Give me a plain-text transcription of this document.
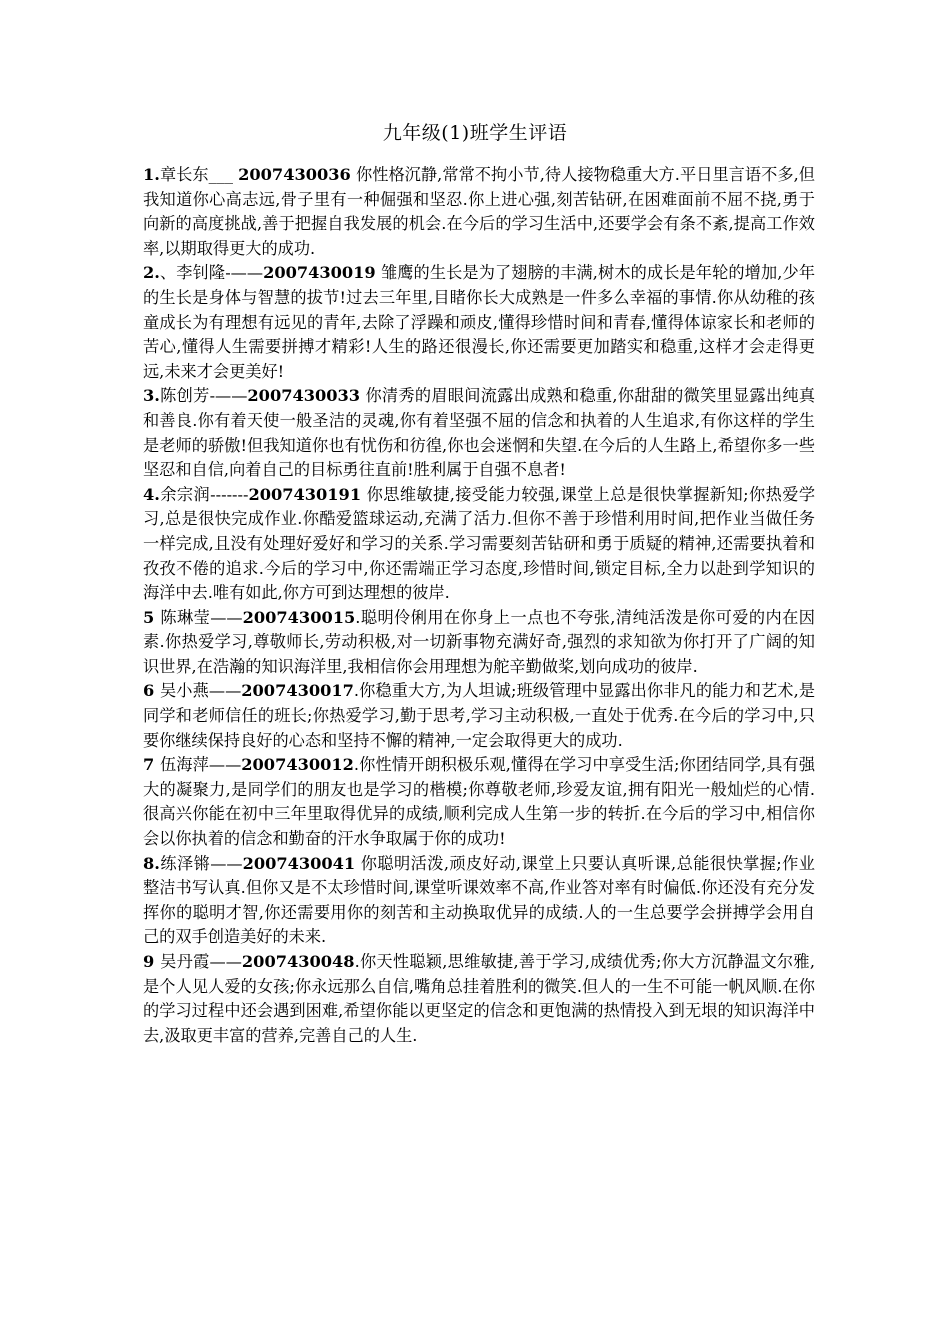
九年级(1)班学生评语

1.章长东___ 2007430036 你性格沉静,常常不拘小节,待人接物稳重大方.平日里言语不多,但我知道你心高志远,骨子里有一种倔强和坚忍.你上进心强,刻苦钻研,在困难面前不屈不挠,勇于向新的高度挑战,善于把握自我发展的机会.在今后的学习生活中,还要学会有条不紊,提高工作效率,以期取得更大的成功.

2.、李钊隆-——2007430019 雏鹰的生长是为了翅膀的丰满,树木的成长是年轮的增加,少年的生长是身体与智慧的拔节!过去三年里,目睹你长大成熟是一件多么幸福的事情.你从幼稚的孩童成长为有理想有远见的青年,去除了浮躁和顽皮,懂得珍惜时间和青春,懂得体谅家长和老师的苦心,懂得人生需要拼搏才精彩!人生的路还很漫长,你还需要更加踏实和稳重,这样才会走得更远,未来才会更美好!

3.陈创芳-——2007430033 你清秀的眉眼间流露出成熟和稳重,你甜甜的微笑里显露出纯真和善良.你有着天使一般圣洁的灵魂,你有着坚强不屈的信念和执着的人生追求,有你这样的学生是老师的骄傲!但我知道你也有忧伤和彷徨,你也会迷惘和失望.在今后的人生路上,希望你多一些坚忍和自信,向着自己的目标勇往直前!胜利属于自强不息者!

4.余宗润-------2007430191 你思维敏捷,接受能力较强,课堂上总是很快掌握新知;你热爱学习,总是很快完成作业.你酷爱篮球运动,充满了活力.但你不善于珍惜利用时间,把作业当做任务一样完成,且没有处理好爱好和学习的关系.学习需要刻苦钻研和勇于质疑的精神,还需要执着和孜孜不倦的追求.今后的学习中,你还需端正学习态度,珍惜时间,锁定目标,全力以赴到学知识的海洋中去.唯有如此,你方可到达理想的彼岸.

5 陈琳莹——2007430015.聪明伶俐用在你身上一点也不夸张,清纯活泼是你可爱的内在因素.你热爱学习,尊敬师长,劳动积极,对一切新事物充满好奇,强烈的求知欲为你打开了广阔的知识世界,在浩瀚的知识海洋里,我相信你会用理想为舵辛勤做桨,划向成功的彼岸.

6 吴小燕——2007430017.你稳重大方,为人坦诚;班级管理中显露出你非凡的能力和艺术,是同学和老师信任的班长;你热爱学习,勤于思考,学习主动积极,一直处于优秀.在今后的学习中,只要你继续保持良好的心态和坚持不懈的精神,一定会取得更大的成功.

7 伍海萍——2007430012.你性情开朗积极乐观,懂得在学习中享受生活;你团结同学,具有强大的凝聚力,是同学们的朋友也是学习的楷模;你尊敬老师,珍爱友谊,拥有阳光一般灿烂的心情.很高兴你能在初中三年里取得优异的成绩,顺利完成人生第一步的转折.在今后的学习中,相信你会以你执着的信念和勤奋的汗水争取属于你的成功!

8.练泽锵——2007430041 你聪明活泼,顽皮好动,课堂上只要认真听课,总能很快掌握;作业整洁书写认真.但你又是不太珍惜时间,课堂听课效率不高,作业答对率有时偏低.你还没有充分发挥你的聪明才智,你还需要用你的刻苦和主动换取优异的成绩.人的一生总要学会拼搏学会用自己的双手创造美好的未来.

9 吴丹霞——2007430048.你天性聪颖,思维敏捷,善于学习,成绩优秀;你大方沉静温文尔雅,是个人见人爱的女孩;你永远那么自信,嘴角总挂着胜利的微笑.但人的一生不可能一帆风顺.在你的学习过程中还会遇到困难,希望你能以更坚定的信念和更饱满的热情投入到无垠的知识海洋中去,汲取更丰富的营养,完善自己的人生.
